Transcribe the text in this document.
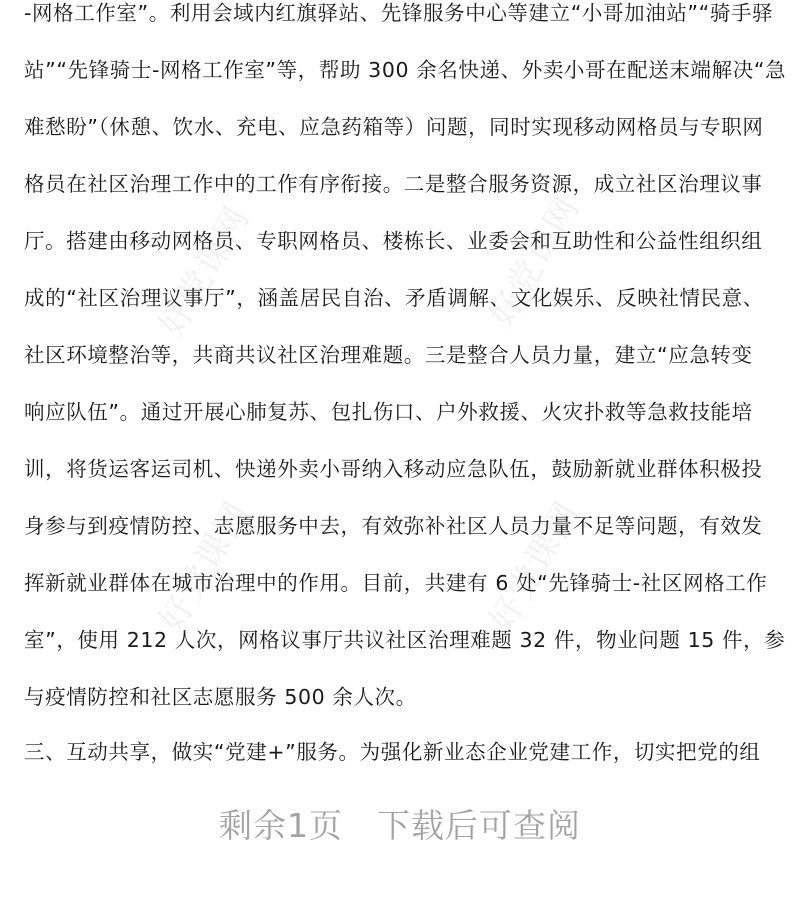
好党课网	好党课网
好党课网	好党课网
-网格工作室”。利用会域内红旗驿站、先锋服务中心等建立“小哥加油站”“骑手驿
站”“先锋骑士-网格工作室”等，帮助 300 余名快递、外卖小哥在配送末端解决“急
难愁盼”（休憩、饮水、充电、应急药箱等）问题，同时实现移动网格员与专职网
格员在社区治理工作中的工作有序衔接。二是整合服务资源，成立社区治理议事
厅。搭建由移动网格员、专职网格员、楼栋长、业委会和互助性和公益性组织组
成的“社区治理议事厅”，涵盖居民自治、矛盾调解、文化娱乐、反映社情民意、
社区环境整治等，共商共议社区治理难题。三是整合人员力量，建立“应急转变
响应队伍”。通过开展心肺复苏、包扎伤口、户外救援、火灾扑救等急救技能培
训，将货运客运司机、快递外卖小哥纳入移动应急队伍，鼓励新就业群体积极投
身参与到疫情防控、志愿服务中去，有效弥补社区人员力量不足等问题，有效发
挥新就业群体在城市治理中的作用。目前，共建有 6 处“先锋骑士-社区网格工作
室”，使用 212 人次，网格议事厅共议社区治理难题 32 件，物业问题 15 件，参
与疫情防控和社区志愿服务 500 余人次。
三、互动共享，做实“党建+”服务。为强化新业态企业党建工作，切实把党的组
剩余1页 下载后可查阅
